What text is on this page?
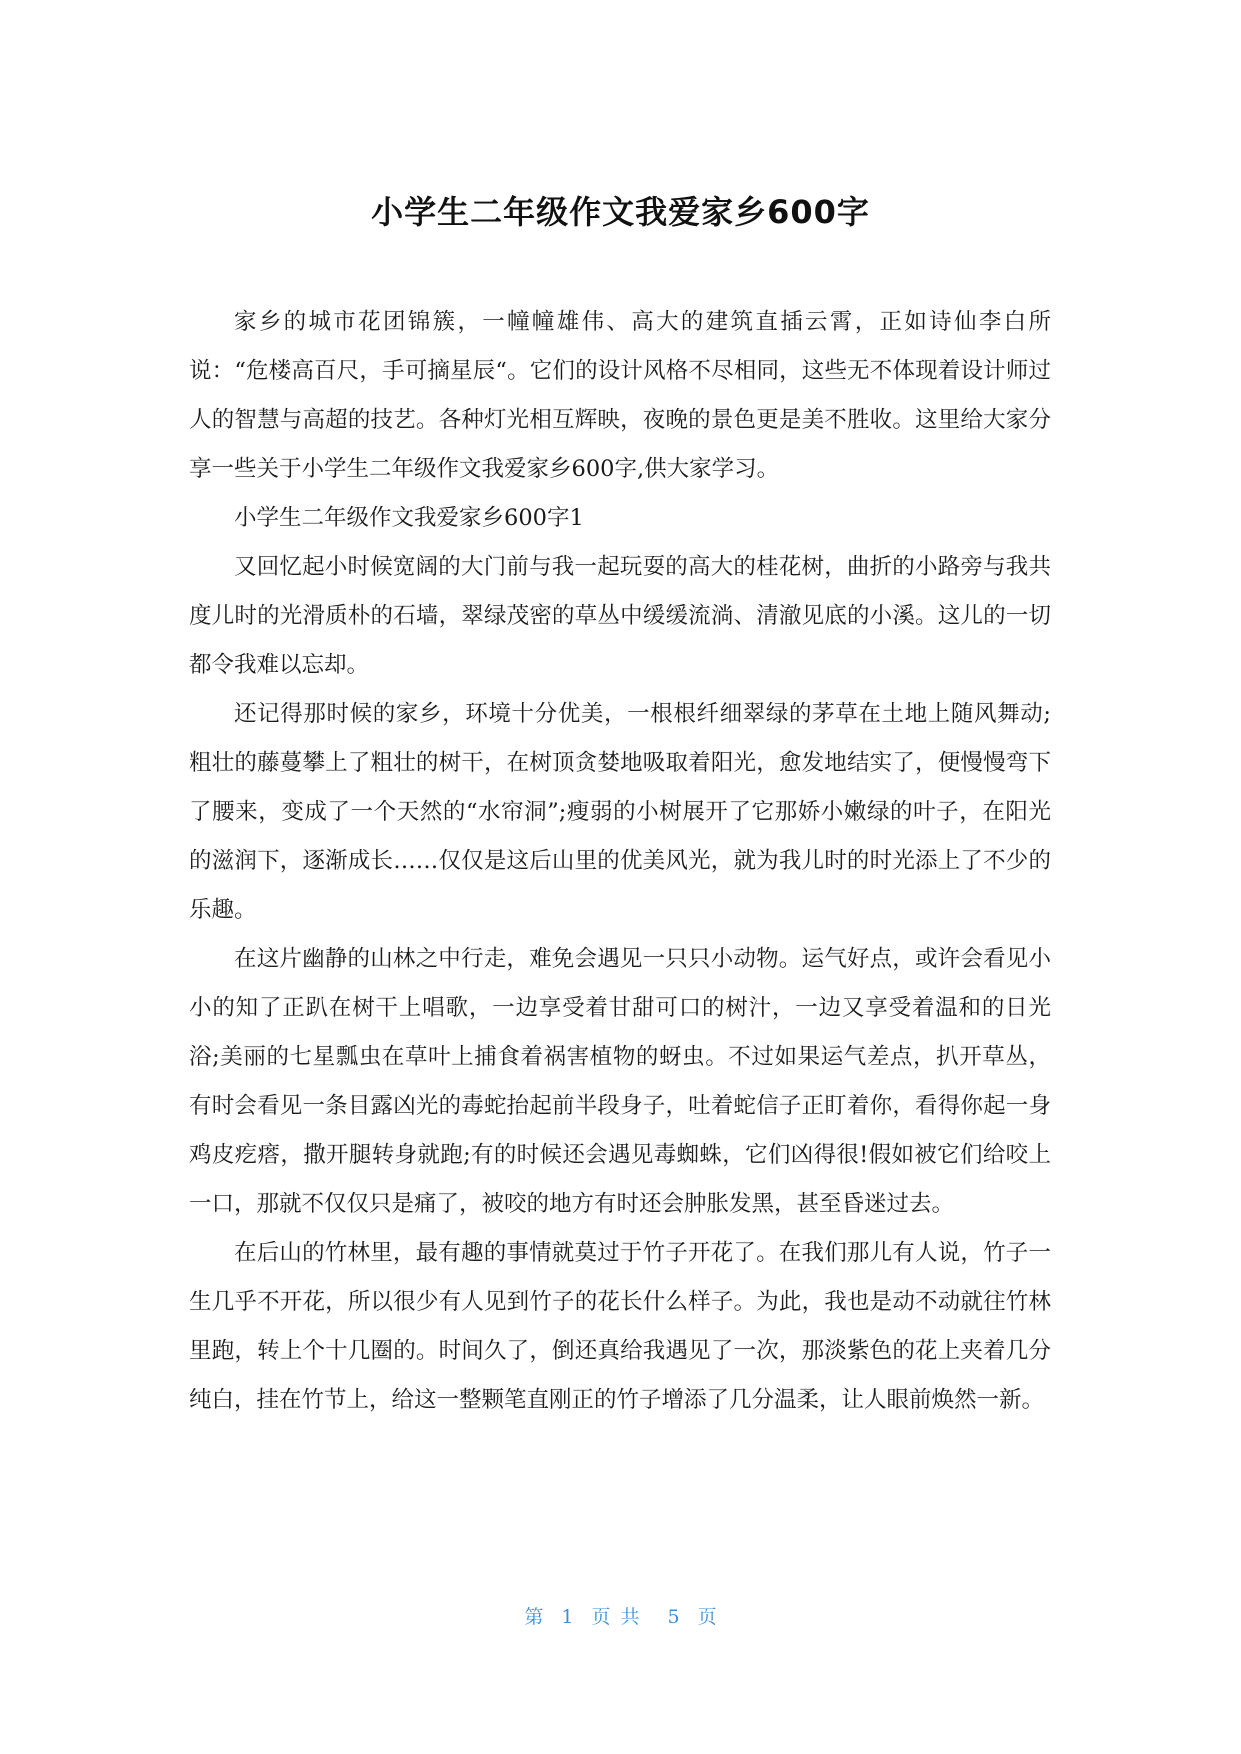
小学生二年级作文我爱家乡600字

家乡的城市花团锦簇，一幢幢雄伟、高大的建筑直插云霄，正如诗仙李白所说：“危楼高百尺，手可摘星辰“。它们的设计风格不尽相同，这些无不体现着设计师过人的智慧与高超的技艺。各种灯光相互辉映，夜晚的景色更是美不胜收。这里给大家分享一些关于小学生二年级作文我爱家乡600字,供大家学习。

小学生二年级作文我爱家乡600字1

又回忆起小时候宽阔的大门前与我一起玩耍的高大的桂花树，曲折的小路旁与我共度儿时的光滑质朴的石墙，翠绿茂密的草丛中缓缓流淌、清澈见底的小溪。这儿的一切都令我难以忘却。

还记得那时候的家乡，环境十分优美，一根根纤细翠绿的茅草在土地上随风舞动;粗壮的藤蔓攀上了粗壮的树干，在树顶贪婪地吸取着阳光，愈发地结实了，便慢慢弯下了腰来，变成了一个天然的“水帘洞”;瘦弱的小树展开了它那娇小嫩绿的叶子，在阳光的滋润下，逐渐成长……仅仅是这后山里的优美风光，就为我儿时的时光添上了不少的乐趣。

在这片幽静的山林之中行走，难免会遇见一只只小动物。运气好点，或许会看见小小的知了正趴在树干上唱歌，一边享受着甘甜可口的树汁，一边又享受着温和的日光浴;美丽的七星瓢虫在草叶上捕食着祸害植物的蚜虫。不过如果运气差点，扒开草丛，有时会看见一条目露凶光的毒蛇抬起前半段身子，吐着蛇信子正盯着你，看得你起一身鸡皮疙瘩，撒开腿转身就跑;有的时候还会遇见毒蜘蛛，它们凶得很!假如被它们给咬上一口，那就不仅仅只是痛了，被咬的地方有时还会肿胀发黑，甚至昏迷过去。

在后山的竹林里，最有趣的事情就莫过于竹子开花了。在我们那儿有人说，竹子一生几乎不开花，所以很少有人见到竹子的花长什么样子。为此，我也是动不动就往竹林里跑，转上个十几圈的。时间久了，倒还真给我遇见了一次，那淡紫色的花上夹着几分纯白，挂在竹节上，给这一整颗笔直刚正的竹子增添了几分温柔，让人眼前焕然一新。

第 1 页共 5 页
